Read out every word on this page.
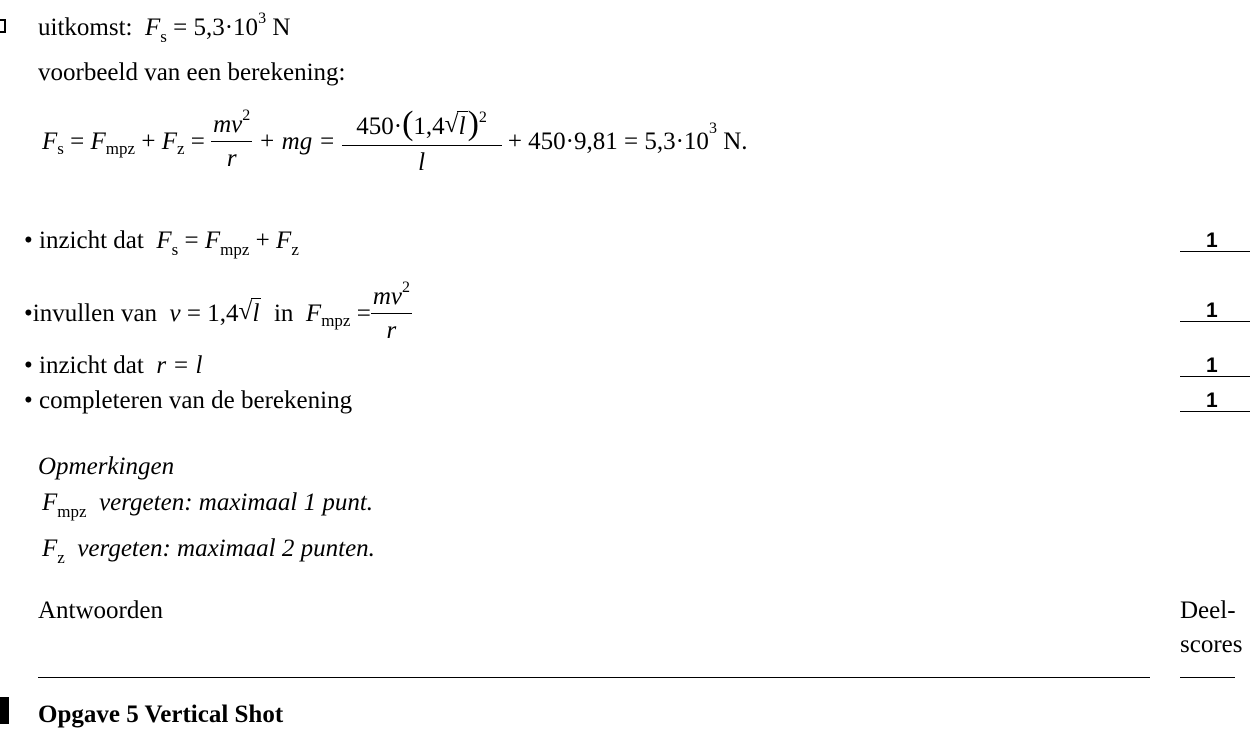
uitkomst: $F_s = 5,3\cdot 10^3$ N
voorbeeld van een berekening:
F s
=
F mpz
+
F z
=
$\frac{mv^2}{r}$
+ mg =
$\frac{450\cdot(1,4 √ l)^2}{l}$
+ 450·9,81 = 5,3·10 3
N.
• inzicht dat $F_s = F_{mpz} + F_z$	1
• invullen van
v
= 1,4 √ l
in
F mpz
= $\frac{mv^2}{r}$	1
• inzicht dat r = l	1
• completeren van de berekening	1
Opmerkingen
$F_{mpz}$ vergeten: maximaal 1 punt.
$F_z$ vergeten: maximaal 2 punten.
Antwoorden	Deel-
scores
Opgave 5 Vertical Shot
